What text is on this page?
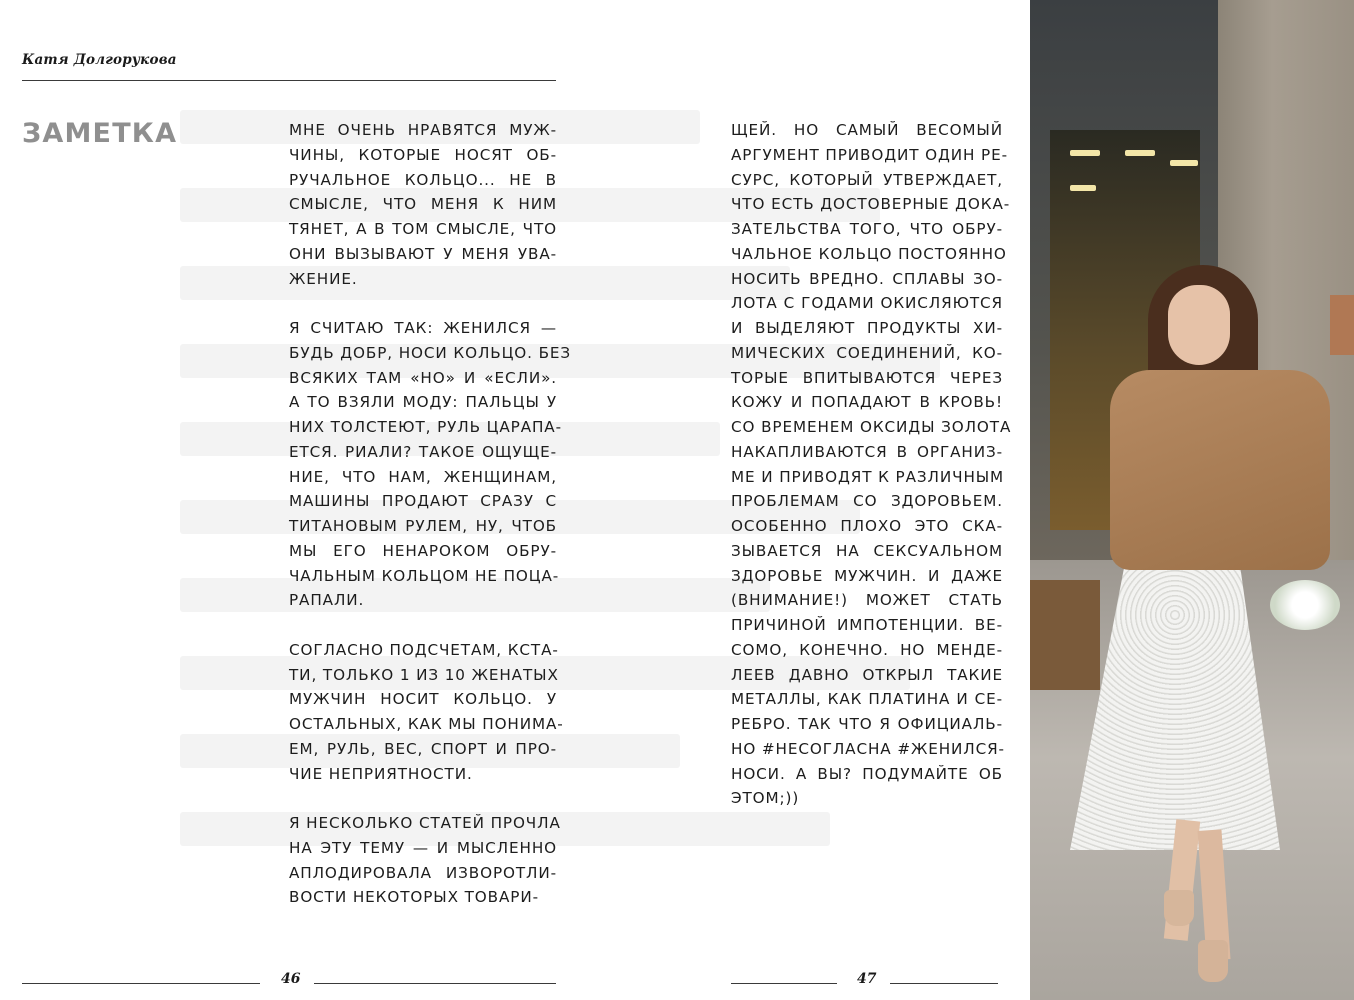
Катя Долгорукова
ЗАМЕТКА	МНЕ ОЧЕНЬ НРАВЯТСЯ МУЖ-
ЧИНЫ, КОТОРЫЕ НОСЯТ ОБ-
РУЧАЛЬНОЕ КОЛЬЦО... НЕ В
СМЫСЛЕ, ЧТО МЕНЯ К НИМ
ТЯНЕТ, А В ТОМ СМЫСЛЕ, ЧТО
ОНИ ВЫЗЫВАЮТ У МЕНЯ УВА-
ЖЕНИЕ.
Я СЧИТАЮ ТАК: ЖЕНИЛСЯ —
БУДЬ ДОБР, НОСИ КОЛЬЦО. БЕЗ
ВСЯКИХ ТАМ «НО» И «ЕСЛИ».
А ТО ВЗЯЛИ МОДУ: ПАЛЬЦЫ У
НИХ ТОЛСТЕЮТ, РУЛЬ ЦАРАПА-
ЕТСЯ. РИАЛИ? ТАКОЕ ОЩУЩЕ-
НИЕ, ЧТО НАМ, ЖЕНЩИНАМ,
МАШИНЫ ПРОДАЮТ СРАЗУ С
ТИТАНОВЫМ РУЛЕМ, НУ, ЧТОБ
МЫ ЕГО НЕНАРОКОМ ОБРУ-
ЧАЛЬНЫМ КОЛЬЦОМ НЕ ПОЦА-
РАПАЛИ.
СОГЛАСНО ПОДСЧЕТАМ, КСТА-
ТИ, ТОЛЬКО 1 ИЗ 10 ЖЕНАТЫХ
МУЖЧИН НОСИТ КОЛЬЦО. У
ОСТАЛЬНЫХ, КАК МЫ ПОНИМА-
ЕМ, РУЛЬ, ВЕС, СПОРТ И ПРО-
ЧИЕ НЕПРИЯТНОСТИ.
Я НЕСКОЛЬКО СТАТЕЙ ПРОЧЛА
НА ЭТУ ТЕМУ — И МЫСЛЕННО
АПЛОДИРОВАЛА ИЗВОРОТЛИ-
ВОСТИ НЕКОТОРЫХ ТОВАРИ-
ЩЕЙ. НО САМЫЙ ВЕСОМЫЙ
АРГУМЕНТ ПРИВОДИТ ОДИН РЕ-
СУРС, КОТОРЫЙ УТВЕРЖДАЕТ,
ЧТО ЕСТЬ ДОСТОВЕРНЫЕ ДОКА-
ЗАТЕЛЬСТВА ТОГО, ЧТО ОБРУ-
ЧАЛЬНОЕ КОЛЬЦО ПОСТОЯННО
НОСИТЬ ВРЕДНО. СПЛАВЫ ЗО-
ЛОТА С ГОДАМИ ОКИСЛЯЮТСЯ
И ВЫДЕЛЯЮТ ПРОДУКТЫ ХИ-
МИЧЕСКИХ СОЕДИНЕНИЙ, КО-
ТОРЫЕ ВПИТЫВАЮТСЯ ЧЕРЕЗ
КОЖУ И ПОПАДАЮТ В КРОВЬ!
СО ВРЕМЕНЕМ ОКСИДЫ ЗОЛОТА
НАКАПЛИВАЮТСЯ В ОРГАНИЗ-
МЕ И ПРИВОДЯТ К РАЗЛИЧНЫМ
ПРОБЛЕМАМ СО ЗДОРОВЬЕМ.
ОСОБЕННО ПЛОХО ЭТО СКА-
ЗЫВАЕТСЯ НА СЕКСУАЛЬНОМ
ЗДОРОВЬЕ МУЖЧИН. И ДАЖЕ
(ВНИМАНИЕ!) МОЖЕТ СТАТЬ
ПРИЧИНОЙ ИМПОТЕНЦИИ. ВЕ-
СОМО, КОНЕЧНО. НО МЕНДЕ-
ЛЕЕВ ДАВНО ОТКРЫЛ ТАКИЕ
МЕТАЛЛЫ, КАК ПЛАТИНА И СЕ-
РЕБРО. ТАК ЧТО Я ОФИЦИАЛЬ-
НО #НЕСОГЛАСНА #ЖЕНИЛСЯ-
НОСИ. А ВЫ? ПОДУМАЙТЕ ОБ
ЭТОМ;))
46	47
